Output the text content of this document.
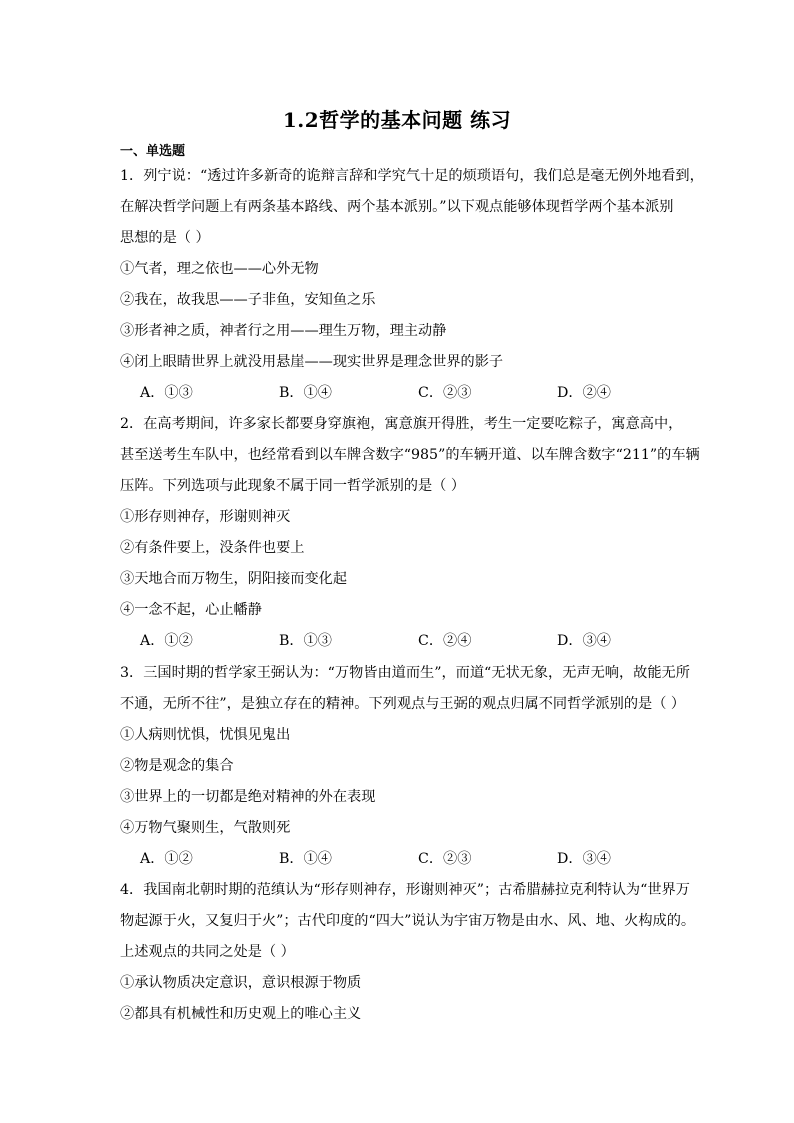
1.2哲学的基本问题 练习
一、单选题
1．列宁说：“透过许多新奇的诡辩言辞和学究气十足的烦琐语句，我们总是毫无例外地看到，
在解决哲学问题上有两条基本路线、两个基本派别。”以下观点能够体现哲学两个基本派别
思想的是（ ）
①气者，理之依也——心外无物
②我在，故我思——子非鱼，安知鱼之乐
③形者神之质，神者行之用——理生万物，理主动静
④闭上眼睛世界上就没用悬崖——现实世界是理念世界的影子
A．①③	B．①④	C．②③	D．②④
2．在高考期间，许多家长都要身穿旗袍，寓意旗开得胜，考生一定要吃粽子，寓意高中，
甚至送考生车队中，也经常看到以车牌含数字“985”的车辆开道、以车牌含数字“211”的车辆
压阵。下列选项与此现象不属于同一哲学派别的是（ ）
①形存则神存，形谢则神灭
②有条件要上，没条件也要上
③天地合而万物生，阴阳接而变化起
④一念不起，心止幡静
A．①②	B．①③	C．②④	D．③④
3．三国时期的哲学家王弼认为：“万物皆由道而生”，而道“无状无象，无声无响，故能无所
不通，无所不往”，是独立存在的精神。下列观点与王弼的观点归属不同哲学派别的是（ ）
①人病则忧惧，忧惧见鬼出
②物是观念的集合
③世界上的一切都是绝对精神的外在表现
④万物气聚则生，气散则死
A．①②	B．①④	C．②③	D．③④
4．我国南北朝时期的范缜认为“形存则神存，形谢则神灭”；古希腊赫拉克利特认为“世界万
物起源于火，又复归于火”；古代印度的“四大”说认为宇宙万物是由水、风、地、火构成的。
上述观点的共同之处是（ ）
①承认物质决定意识，意识根源于物质
②都具有机械性和历史观上的唯心主义
